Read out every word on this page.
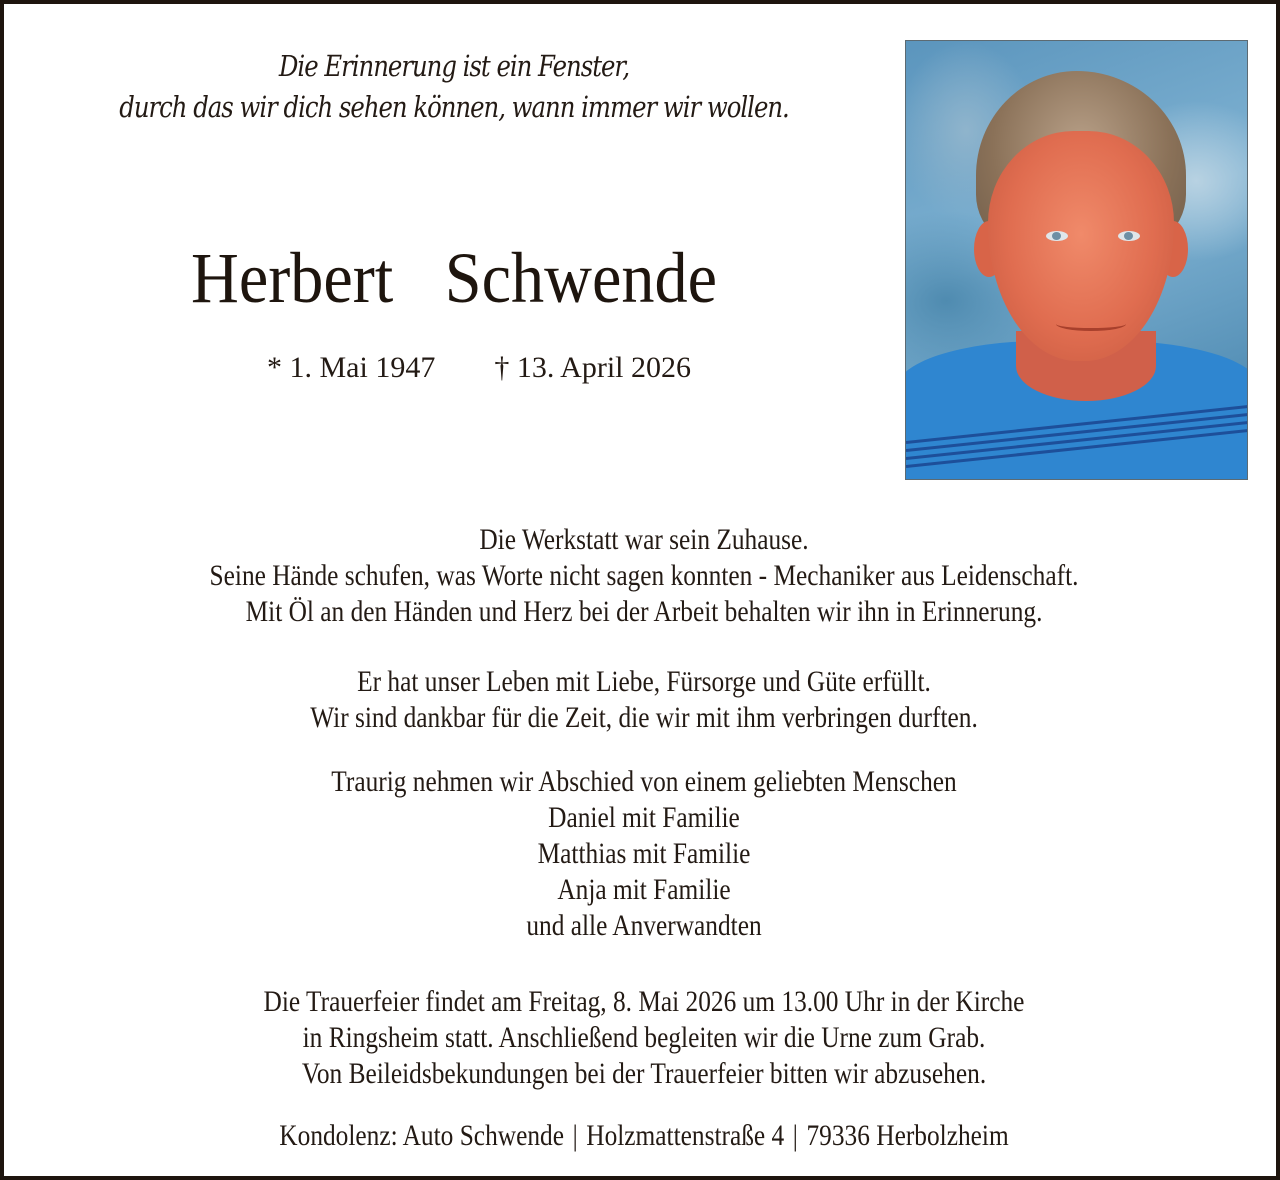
Die Erinnerung ist ein Fenster,
durch das wir dich sehen können, wann immer wir wollen.
Herbert  Schwende
* 1. Mai 1947 † 13. April 2026
Die Werkstatt war sein Zuhause.
Seine Hände schufen, was Worte nicht sagen konnten - Mechaniker aus Leidenschaft.
Mit Öl an den Händen und Herz bei der Arbeit behalten wir ihn in Erinnerung.
Er hat unser Leben mit Liebe, Fürsorge und Güte erfüllt.
Wir sind dankbar für die Zeit, die wir mit ihm verbringen durften.
Traurig nehmen wir Abschied von einem geliebten Menschen
Daniel mit Familie
Matthias mit Familie
Anja mit Familie
und alle Anverwandten
Die Trauerfeier findet am Freitag, 8. Mai 2026 um 13.00 Uhr in der Kirche
in Ringsheim statt. Anschließend begleiten wir die Urne zum Grab.
Von Beileidsbekundungen bei der Trauerfeier bitten wir abzusehen.
Kondolenz: Auto Schwende | Holzmattenstraße 4 | 79336 Herbolzheim
